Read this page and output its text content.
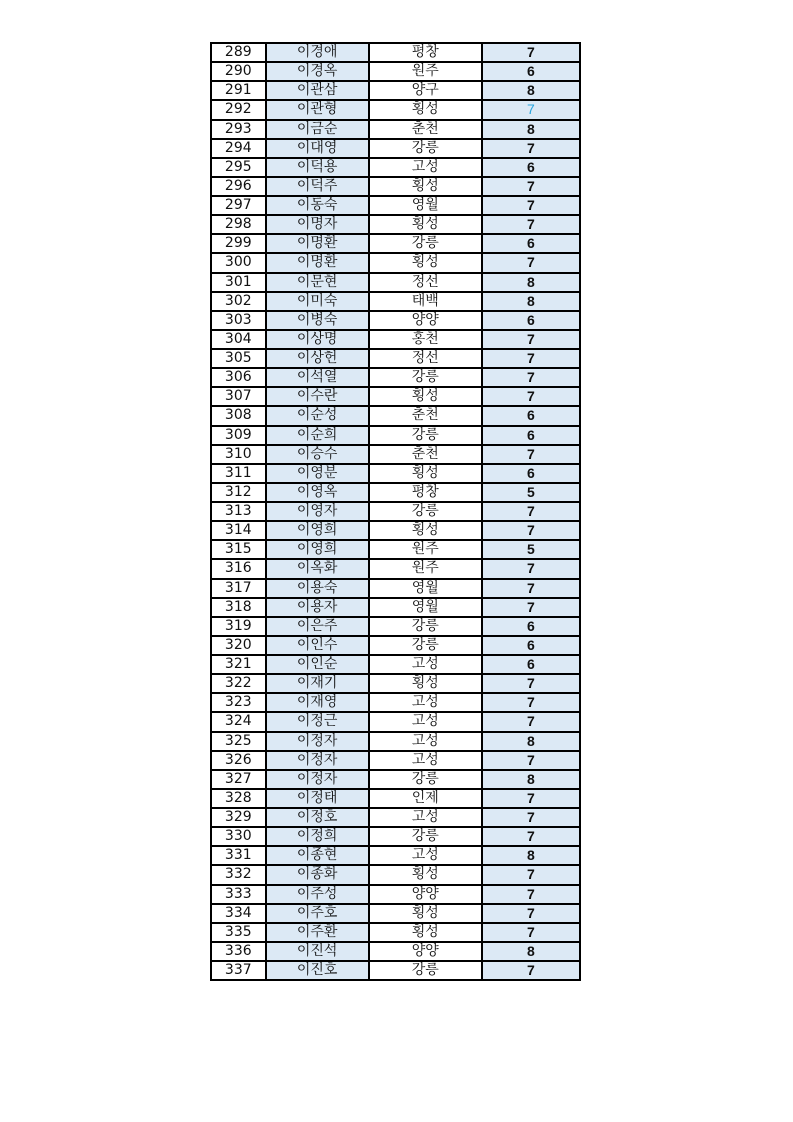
289	이경애	평창	7
290	이경옥	원주	6
291	이관삼	양구	8
292	이관형	횡성	7
293	이금순	춘천	8
294	이대영	강릉	7
295	이덕용	고성	6
296	이덕주	횡성	7
297	이동숙	영월	7
298	이명자	횡성	7
299	이명환	강릉	6
300	이명환	횡성	7
301	이문현	정선	8
302	이미숙	태백	8
303	이병숙	양양	6
304	이상명	홍천	7
305	이상헌	정선	7
306	이석열	강릉	7
307	이수란	횡성	7
308	이순성	춘천	6
309	이순희	강릉	6
310	이승수	춘천	7
311	이영분	횡성	6
312	이영옥	평창	5
313	이영자	강릉	7
314	이영희	횡성	7
315	이영희	원주	5
316	이옥화	원주	7
317	이용숙	영월	7
318	이용자	영월	7
319	이은주	강릉	6
320	이인수	강릉	6
321	이인순	고성	6
322	이재기	횡성	7
323	이재영	고성	7
324	이정근	고성	7
325	이정자	고성	8
326	이정자	고성	7
327	이정자	강릉	8
328	이정태	인제	7
329	이정호	고성	7
330	이정희	강릉	7
331	이종현	고성	8
332	이종화	횡성	7
333	이주성	양양	7
334	이주호	횡성	7
335	이주환	횡성	7
336	이진석	양양	8
337	이진호	강릉	7
